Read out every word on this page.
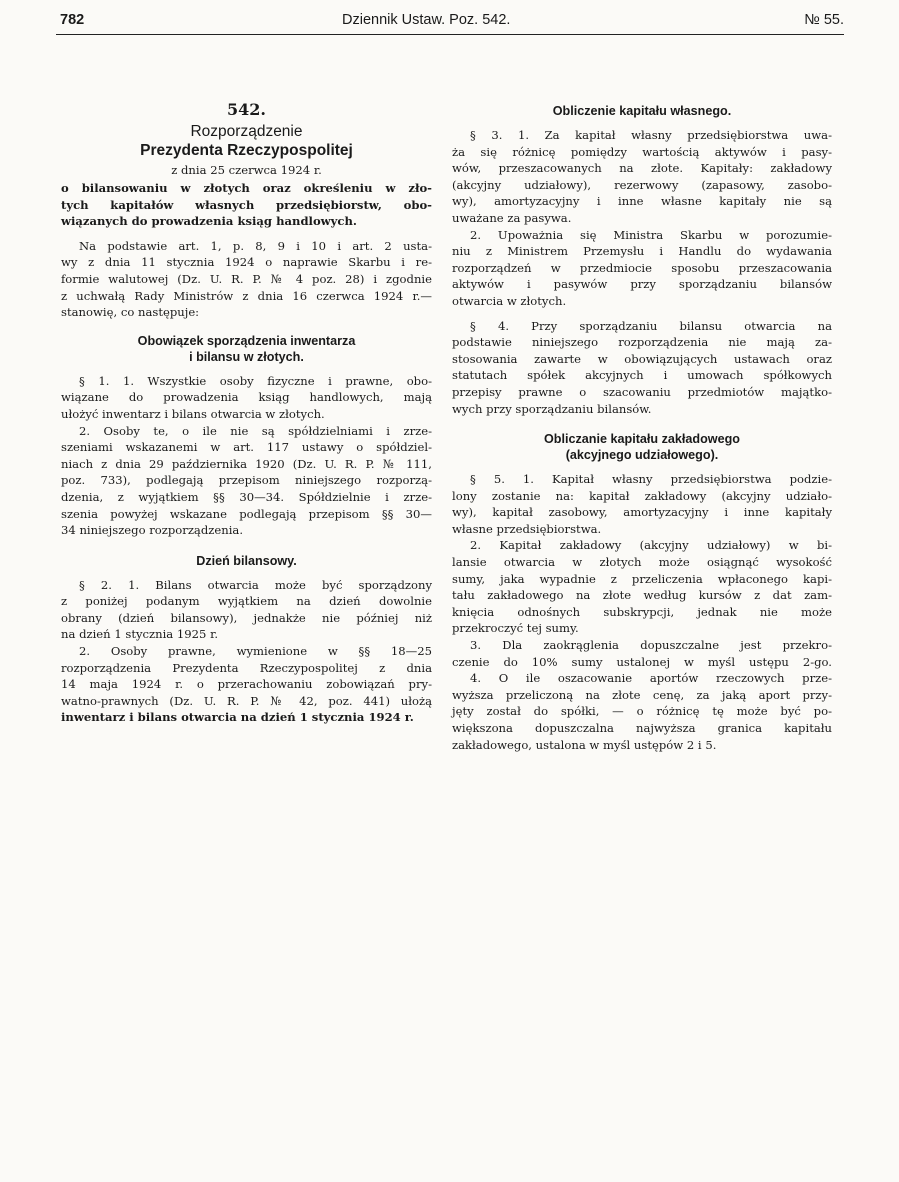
782	Dziennik Ustaw. Poz. 542.	№ 55.
542.
Rozporządzenie
Prezydenta Rzeczypospolitej
z dnia 25 czerwca 1924 r.
o bilansowaniu w złotych oraz określeniu w zło-
tych kapitałów własnych przedsiębiorstw, obo-
wiązanych do prowadzenia ksiąg handlowych.
Na podstawie art. 1, p. 8, 9 i 10 i art. 2 usta-
wy z dnia 11 stycznia 1924 o naprawie Skarbu i re-
formie walutowej (Dz. U. R. P. № 4 poz. 28) i zgodnie
z uchwałą Rady Ministrów z dnia 16 czerwca 1924 r.—
stanowię, co następuje:
Obowiązek sporządzenia inwentarza
i bilansu w złotych.
§ 1. 1. Wszystkie osoby fizyczne i prawne, obo-
wiązane do prowadzenia ksiąg handlowych, mają
ułożyć inwentarz i bilans otwarcia w złotych.
2. Osoby te, o ile nie są spółdzielniami i zrze-
szeniami wskazanemi w art. 117 ustawy o spółdziel-
niach z dnia 29 października 1920 (Dz. U. R. P. № 111,
poz. 733), podlegają przepisom niniejszego rozporzą-
dzenia, z wyjątkiem §§ 30—34. Spółdzielnie i zrze-
szenia powyżej wskazane podlegają przepisom §§ 30—
34 niniejszego rozporządzenia.
Dzień bilansowy.
§ 2. 1. Bilans otwarcia może być sporządzony
z poniżej podanym wyjątkiem na dzień dowolnie
obrany (dzień bilansowy), jednakże nie później niż
na dzień 1 stycznia 1925 r.
2. Osoby prawne, wymienione w §§ 18—25
rozporządzenia Prezydenta Rzeczypospolitej z dnia
14 maja 1924 r. o przerachowaniu zobowiązań pry-
watno-prawnych (Dz. U. R. P. № 42, poz. 441) ułożą
inwentarz i bilans otwarcia na dzień 1 stycznia 1924 r.
Obliczenie kapitału własnego.
§ 3. 1. Za kapitał własny przedsiębiorstwa uwa-
ża się różnicę pomiędzy wartością aktywów i pasy-
wów, przeszacowanych na złote. Kapitały: zakładowy
(akcyjny udziałowy), rezerwowy (zapasowy, zasobo-
wy), amortyzacyjny i inne własne kapitały nie są
uważane za pasywa.
2. Upoważnia się Ministra Skarbu w porozumie-
niu z Ministrem Przemysłu i Handlu do wydawania
rozporządzeń w przedmiocie sposobu przeszacowania
aktywów i pasywów przy sporządzaniu bilansów
otwarcia w złotych.
§ 4. Przy sporządzaniu bilansu otwarcia na
podstawie niniejszego rozporządzenia nie mają za-
stosowania zawarte w obowiązujących ustawach oraz
statutach spółek akcyjnych i umowach spółkowych
przepisy prawne o szacowaniu przedmiotów majątko-
wych przy sporządzaniu bilansów.
Obliczanie kapitału zakładowego
(akcyjnego udziałowego).
§ 5. 1. Kapitał własny przedsiębiorstwa podzie-
lony zostanie na: kapitał zakładowy (akcyjny udziało-
wy), kapitał zasobowy, amortyzacyjny i inne kapitały
własne przedsiębiorstwa.
2. Kapitał zakładowy (akcyjny udziałowy) w bi-
lansie otwarcia w złotych może osiągnąć wysokość
sumy, jaka wypadnie z przeliczenia wpłaconego kapi-
tału zakładowego na złote według kursów z dat zam-
knięcia odnośnych subskrypcji, jednak nie może
przekroczyć tej sumy.
3. Dla zaokrąglenia dopuszczalne jest przekro-
czenie do 10% sumy ustalonej w myśl ustępu 2-go.
4. O ile oszacowanie aportów rzeczowych prze-
wyższa przeliczoną na złote cenę, za jaką aport przy-
jęty został do spółki, — o różnicę tę może być po-
większona dopuszczalna najwyższa granica kapitału
zakładowego, ustalona w myśl ustępów 2 i 5.
